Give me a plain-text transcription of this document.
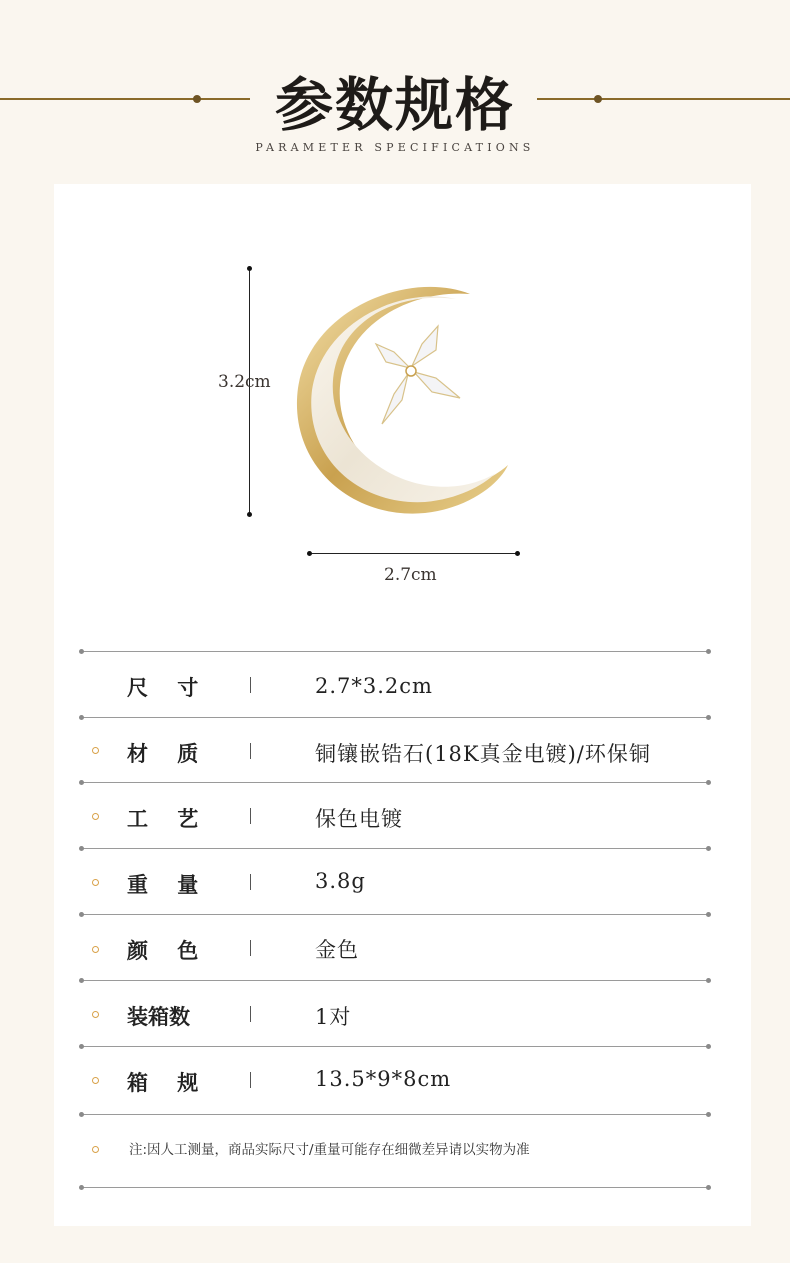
参数规格
PARAMETER SPECIFICATIONS
3.2cm
2.7cm
尺    寸	2.7*3.2cm
材    质	铜镶嵌锆石(18K真金电镀)/环保铜
工    艺	保色电镀
重    量	3.8g
颜    色	金色
装箱数	1对
箱    规	13.5*9*8cm
注:因人工测量，商品实际尺寸/重量可能存在细微差异请以实物为准
